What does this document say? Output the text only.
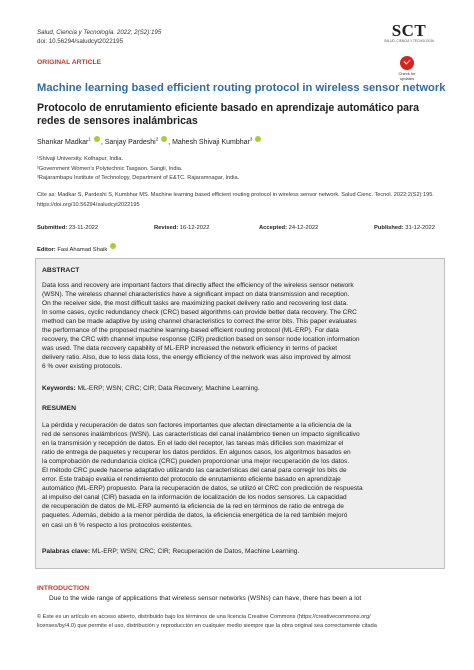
Salud, Ciencia y Tecnología. 2022; 2(S2):195
doi: 10.56294/saludcyt2022195
SCT
SALUD, CIENCIA Y TECNOLOGÍA
Check for updates
ORIGINAL ARTICLE
Machine learning based efficient routing protocol in wireless sensor network
Protocolo de enrutamiento eficiente basado en aprendizaje automático para redes de sensores inalámbricas
Shankar Madkar$^1$ , Sanjay Pardeshi$^2$ , Mahesh Shivaji Kumbhar$^3$
¹Shivaji University. Kolhapur, India.
²Government Women's Polytechnic Tasgaon. Sangli, India.
³Rajarambapu Institute of Technology, Department of E&TC. Rajaramnagar, India.
Cite as: Madkar S, Pardeshi S, Kumbhar MS. Machine learning based efficient routing protocol in wireless sensor network. Salud Cienc. Tecnol. 2022;2(S2):195. https://doi.org/10.56294/saludcyt2022195
Submitted: 23-11-2022	Revised: 16-12-2022	Accepted: 24-12-2022	Published: 31-12-2022
Editor: Fasi Ahamad Shaik
ABSTRACT
Data loss and recovery are important factors that directly affect the efficiency of the wireless sensor network
(WSN). The wireless channel characteristics have a significant impact on data transmission and reception.
On the receiver side, the most difficult tasks are maximizing packet delivery ratio and recovering lost data.
In some cases, cyclic redundancy check (CRC) based algorithms can provide better data recovery. The CRC
method can be made adaptive by using channel characteristics to correct the error bits. This paper evaluates
the performance of the proposed machine learning-based efficient routing protocol (ML-ERP). For data
recovery, the CRC with channel impulse response (CIR) prediction based on sensor node location information
was used. The data recovery capability of ML-ERP increased the network efficiency in terms of packet
delivery ratio. Also, due to less data loss, the energy efficiency of the network was also improved by almost
6 % over existing protocols.
Keywords: ML-ERP; WSN; CRC; CIR; Data Recovery; Machine Learning.
RESUMEN
La pérdida y recuperación de datos son factores importantes que afectan directamente a la eficiencia de la
red de sensores inalámbricos (WSN). Las características del canal inalámbrico tienen un impacto significativo
en la transmisión y recepción de datos. En el lado del receptor, las tareas más difíciles son maximizar el
ratio de entrega de paquetes y recuperar los datos perdidos. En algunos casos, los algoritmos basados en
la comprobación de redundancia cíclica (CRC) pueden proporcionar una mejor recuperación de los datos.
El método CRC puede hacerse adaptativo utilizando las características del canal para corregir los bits de
error. Este trabajo evalúa el rendimiento del protocolo de enrutamiento eficiente basado en aprendizaje
automático (ML-ERP) propuesto. Para la recuperación de datos, se utilizó el CRC con predicción de respuesta
al impulso del canal (CIR) basada en la información de localización de los nodos sensores. La capacidad
de recuperación de datos de ML-ERP aumentó la eficiencia de la red en términos de ratio de entrega de
paquetes. Además, debido a la menor pérdida de datos, la eficiencia energética de la red también mejoró
en casi un 6 % respecto a los protocolos existentes.
Palabras clave: ML-ERP; WSN; CRC; CIR; Recuperación de Datos, Machine Learning.
INTRODUCTION
Due to the wide range of applications that wireless sensor networks (WSNs) can have, there has been a lot
© Este es un artículo en acceso abierto, distribuido bajo los términos de una licencia Creative Commons (https://creativecommons.org/
licenses/by/4.0) que permite el uso, distribución y reproducción en cualquier medio siempre que la obra original sea correctamente citada
